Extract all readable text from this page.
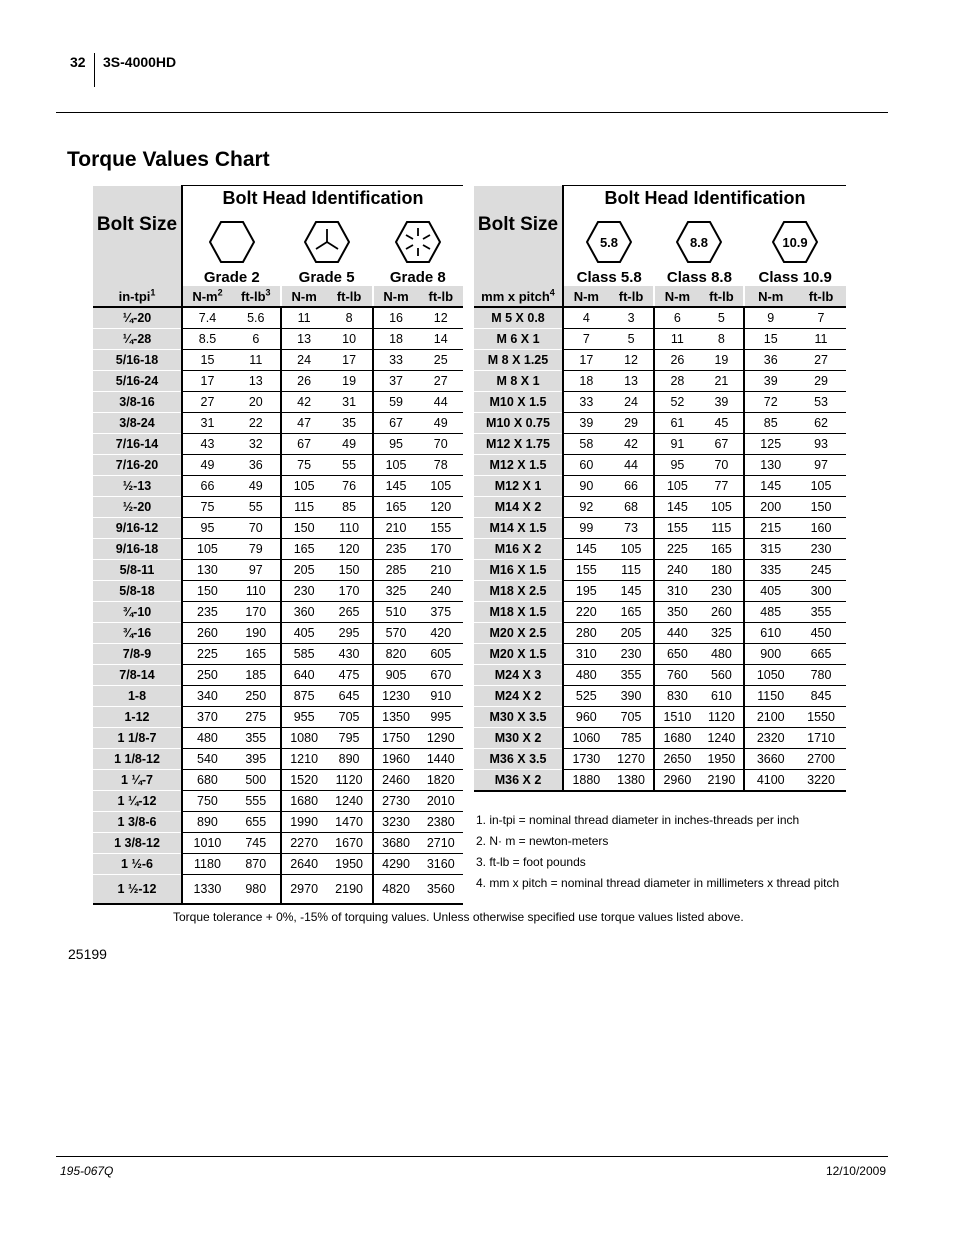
32 3S-4000HD
Torque Values Chart
Bolt Size	Bolt Head Identification					

Grade 2		Grade 5		Grade 8	
in-tpi$^1$	$N-m^2$	$ft-lb^3$	N-m	ft-lb	N-m	ft-lb
¼-20	7.4	5.6	11	8	16	12
¼-28	8.5	6	13	10	18	14
5/16-18	15	11	24	17	33	25
5/16-24	17	13	26	19	37	27
3/8-16	27	20	42	31	59	44
3/8-24	31	22	47	35	67	49
7/16-14	43	32	67	49	95	70
7/16-20	49	36	75	55	105	78
½-13	66	49	105	76	145	105
½-20	75	55	115	85	165	120
9/16-12	95	70	150	110	210	155
9/16-18	105	79	165	120	235	170
5/8-11	130	97	205	150	285	210
5/8-18	150	110	230	170	325	240
¾-10	235	170	360	265	510	375
¾-16	260	190	405	295	570	420
7/8-9	225	165	585	430	820	605
7/8-14	250	185	640	475	905	670
1-8	340	250	875	645	1230	910
1-12	370	275	955	705	1350	995
1 1/8-7	480	355	1080	795	1750	1290
1 1/8-12	540	395	1210	890	1960	1440
1 ¼-7	680	500	1520	1120	2460	1820
1 ¼-12	750	555	1680	1240	2730	2010
1 3/8-6	890	655	1990	1470	3230	2380
1 3/8-12	1010	745	2270	1670	3680	2710
1 ½-6	1180	870	2640	1950	4290	3160
1 ½-12	1330	980	2970	2190	4820	3560
Bolt Size	Bolt Head Identification					

5.8
Class 5.8		8.8
Class 8.8		10.9
Class 10.9	
mm x pitch$^4$	N-m	ft-lb	N-m	ft-lb	N-m	ft-lb
M 5 X 0.8	4	3	6	5	9	7
M 6 X 1	7	5	11	8	15	11
M 8 X 1.25	17	12	26	19	36	27
M 8 X 1	18	13	28	21	39	29
M10 X 1.5	33	24	52	39	72	53
M10 X 0.75	39	29	61	45	85	62
M12 X 1.75	58	42	91	67	125	93
M12 X 1.5	60	44	95	70	130	97
M12 X 1	90	66	105	77	145	105
M14 X 2	92	68	145	105	200	150
M14 X 1.5	99	73	155	115	215	160
M16 X 2	145	105	225	165	315	230
M16 X 1.5	155	115	240	180	335	245
M18 X 2.5	195	145	310	230	405	300
M18 X 1.5	220	165	350	260	485	355
M20 X 2.5	280	205	440	325	610	450
M20 X 1.5	310	230	650	480	900	665
M24 X 3	480	355	760	560	1050	780
M24 X 2	525	390	830	610	1150	845
M30 X 3.5	960	705	1510	1120	2100	1550
M30 X 2	1060	785	1680	1240	2320	1710
M36 X 3.5	1730	1270	2650	1950	3660	2700
M36 X 2	1880	1380	2960	2190	4100	3220
1. in-tpi = nominal thread diameter in inches-threads per inch
2. N· m = newton-meters
3. ft-lb = foot pounds
4. mm x pitch = nominal thread diameter in millimeters x thread pitch
Torque tolerance + 0%, -15% of torquing values. Unless otherwise specified use torque values listed above.
25199
195-067Q	12/10/2009
